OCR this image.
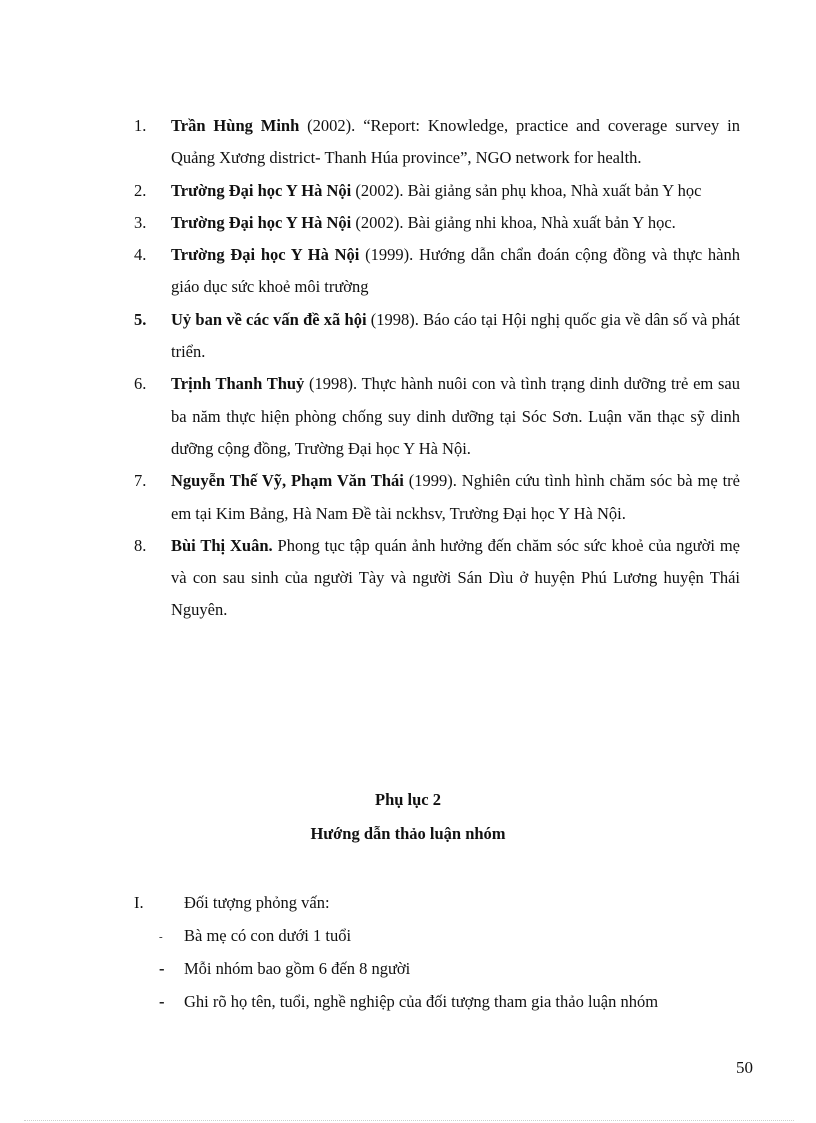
1. Trần Hùng Minh (2002). “Report: Knowledge, practice and coverage survey in Quảng Xương district- Thanh Húa province”, NGO network for health.
2. Trường Đại học Y Hà Nội (2002). Bài giảng sản phụ khoa, Nhà xuất bản Y học
3. Trường Đại học Y Hà Nội (2002). Bài giảng nhi khoa, Nhà xuất bản Y học.
4. Trường Đại học Y Hà Nội (1999). Hướng dẫn chẩn đoán cộng đồng và thực hành giáo dục sức khoẻ môi trường
5. Uỷ ban về các vấn đề xã hội (1998). Báo cáo tại Hội nghị quốc gia về dân số và phát triển.
6. Trịnh Thanh Thuỷ (1998). Thực hành nuôi con và tình trạng dinh dưỡng trẻ em sau ba năm thực hiện phòng chống suy dinh dưỡng tại Sóc Sơn. Luận văn thạc sỹ dinh dưỡng cộng đồng, Trường Đại học Y Hà Nội.
7. Nguyễn Thế Vỹ, Phạm Văn Thái (1999). Nghiên cứu tình hình chăm sóc bà mẹ trẻ em tại Kim Bảng, Hà Nam Đề tài nckhsv, Trường Đại học Y Hà Nội.
8. Bùi Thị Xuân. Phong tục tập quán ảnh hưởng đến chăm sóc sức khoẻ của người mẹ và con sau sinh của người Tày và người Sán Dìu ở huyện Phú Lương huyện Thái Nguyên.
Phụ lục 2
Hướng dẫn thảo luận nhóm
I. Đối tượng phỏng vấn:
- Bà mẹ có con dưới 1 tuổi
- Mỗi nhóm bao gồm 6 đến 8 người
- Ghi rõ họ tên, tuổi, nghề nghiệp của đối tượng tham gia thảo luận nhóm
50
